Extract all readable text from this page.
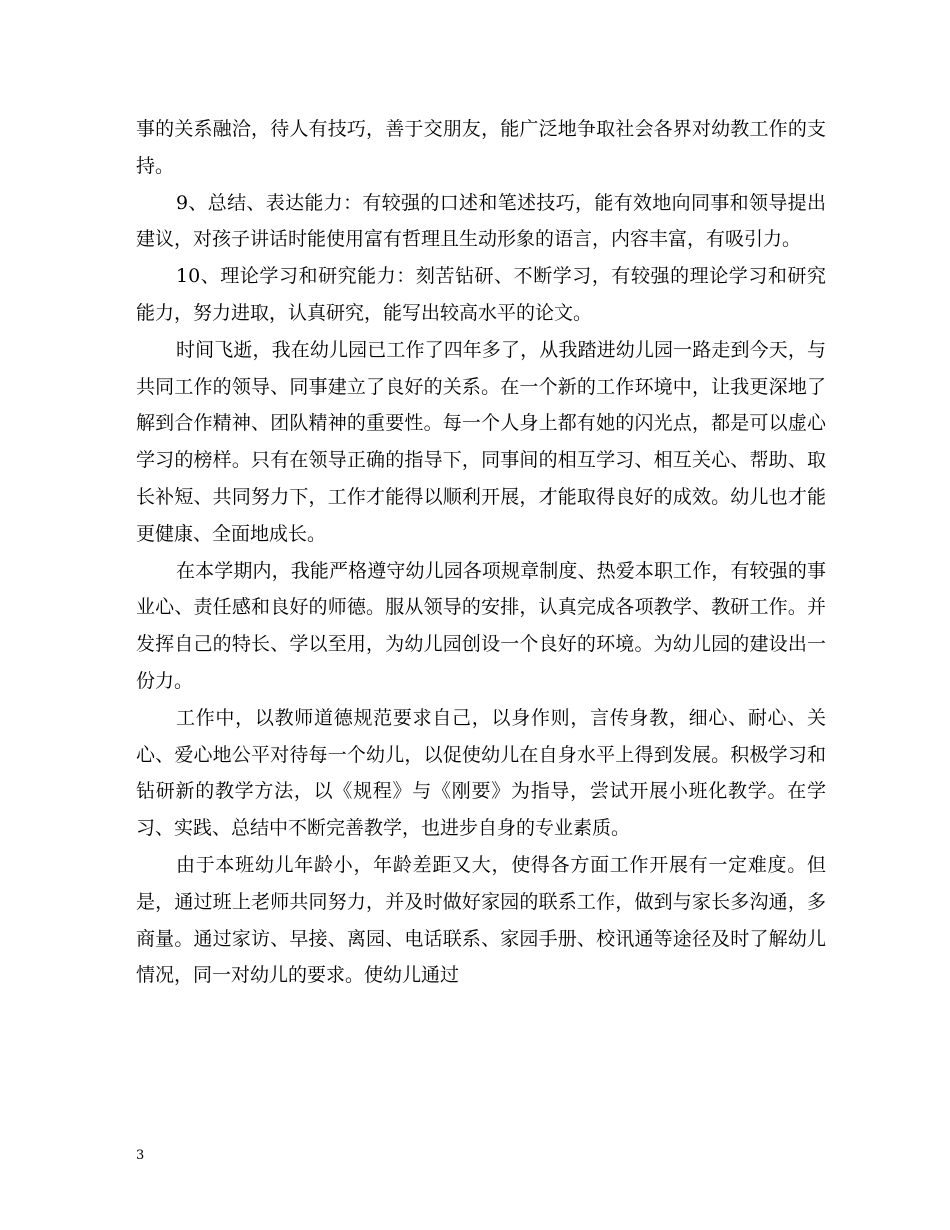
事的关系融洽，待人有技巧，善于交朋友，能广泛地争取社会各界对幼教工作的支持。

9、总结、表达能力：有较强的口述和笔述技巧，能有效地向同事和领导提出建议，对孩子讲话时能使用富有哲理且生动形象的语言，内容丰富，有吸引力。

10、理论学习和研究能力：刻苦钻研、不断学习，有较强的理论学习和研究能力，努力进取，认真研究，能写出较高水平的论文。

时间飞逝，我在幼儿园已工作了四年多了，从我踏进幼儿园一路走到今天，与共同工作的领导、同事建立了良好的关系。在一个新的工作环境中，让我更深地了解到合作精神、团队精神的重要性。每一个人身上都有她的闪光点，都是可以虚心学习的榜样。只有在领导正确的指导下，同事间的相互学习、相互关心、帮助、取长补短、共同努力下，工作才能得以顺利开展，才能取得良好的成效。幼儿也才能更健康、全面地成长。

在本学期内，我能严格遵守幼儿园各项规章制度、热爱本职工作，有较强的事业心、责任感和良好的师德。服从领导的安排，认真完成各项教学、教研工作。并发挥自己的特长、学以至用，为幼儿园创设一个良好的环境。为幼儿园的建设出一份力。

工作中，以教师道德规范要求自己，以身作则，言传身教，细心、耐心、关心、爱心地公平对待每一个幼儿，以促使幼儿在自身水平上得到发展。积极学习和钻研新的教学方法，以《规程》与《刚要》为指导，尝试开展小班化教学。在学习、实践、总结中不断完善教学，也进步自身的专业素质。

由于本班幼儿年龄小，年龄差距又大，使得各方面工作开展有一定难度。但是，通过班上老师共同努力，并及时做好家园的联系工作，做到与家长多沟通，多商量。通过家访、早接、离园、电话联系、家园手册、校讯通等途径及时了解幼儿情况，同一对幼儿的要求。使幼儿通过

3
